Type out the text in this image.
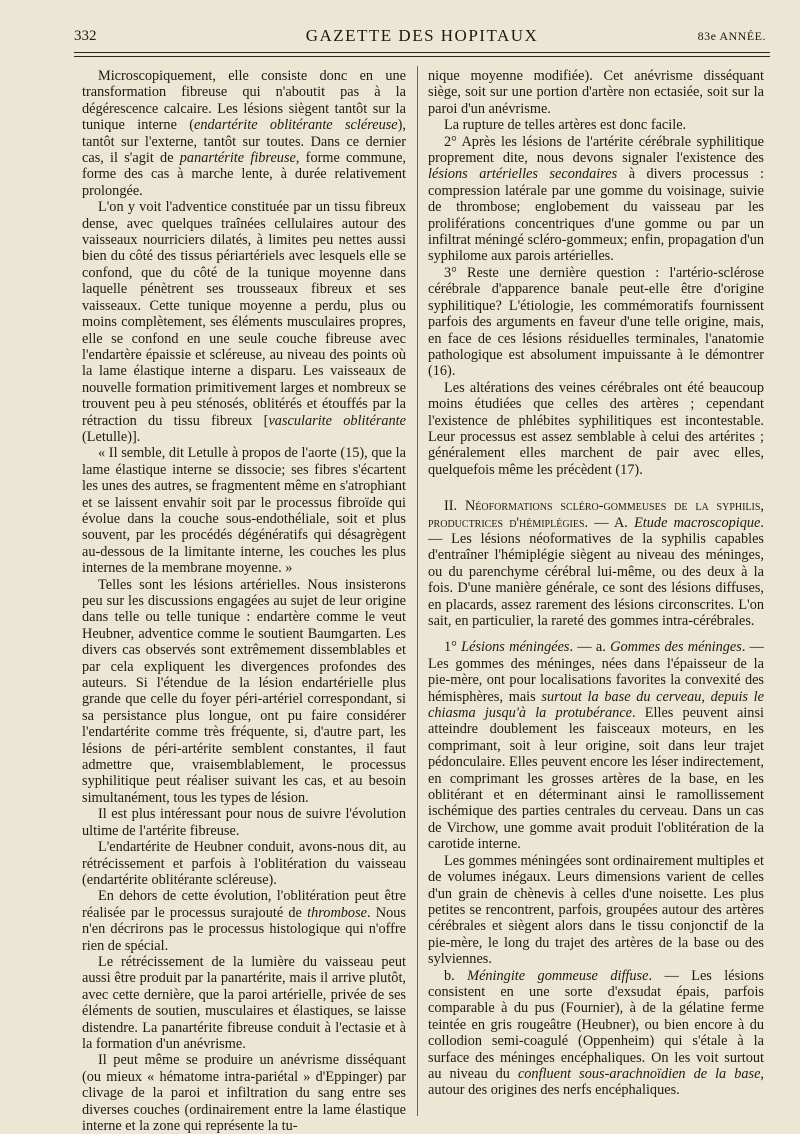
332	GAZETTE DES HOPITAUX	83e ANNÉE.

Microscopiquement, elle consiste donc en une transformation fibreuse qui n'aboutit pas à la dégérescence calcaire. Les lésions siègent tantôt sur la tunique interne (endartérite oblitérante scléreuse), tantôt sur l'externe, tantôt sur toutes. Dans ce dernier cas, il s'agit de panartérite fibreuse, forme commune, forme des cas à marche lente, à durée relativement prolongée.

L'on y voit l'adventice constituée par un tissu fibreux dense, avec quelques traînées cellulaires autour des vaisseaux nourriciers dilatés, à limites peu nettes aussi bien du côté des tissus périartériels avec lesquels elle se confond, que du côté de la tunique moyenne dans laquelle pénètrent ses trousseaux fibreux et ses vaisseaux. Cette tunique moyenne a perdu, plus ou moins complètement, ses éléments musculaires propres, elle se confond en une seule couche fibreuse avec l'endartère épaissie et scléreuse, au niveau des points où la lame élastique interne a disparu. Les vaisseaux de nouvelle formation primitivement larges et nombreux se trouvent peu à peu sténosés, oblitérés et étouffés par la rétraction du tissu fibreux [vascularite oblitérante (Letulle)].

« Il semble, dit Letulle à propos de l'aorte (15), que la lame élastique interne se dissocie; ses fibres s'écartent les unes des autres, se fragmentent même en s'atrophiant et se laissent envahir soit par le processus fibroïde qui évolue dans la couche sous-endothéliale, soit et plus souvent, par les procédés dégénératifs qui désagrègent au-dessous de la limitante interne, les couches les plus internes de la membrane moyenne. »

Telles sont les lésions artérielles. Nous insisterons peu sur les discussions engagées au sujet de leur origine dans telle ou telle tunique : endartère comme le veut Heubner, adventice comme le soutient Baumgarten. Les divers cas observés sont extrêmement dissemblables et par cela expliquent les divergences profondes des auteurs. Si l'étendue de la lésion endartérielle plus grande que celle du foyer péri-artériel correspondant, si sa persistance plus longue, ont pu faire considérer l'endartérite comme très fréquente, si, d'autre part, les lésions de péri-artérite semblent constantes, il faut admettre que, vraisemblablement, le processus syphilitique peut réaliser suivant les cas, et au besoin simultanément, tous les types de lésion.

Il est plus intéressant pour nous de suivre l'évolution ultime de l'artérite fibreuse.

L'endartérite de Heubner conduit, avons-nous dit, au rétrécissement et parfois à l'oblitération du vaisseau (endartérite oblitérante scléreuse).

En dehors de cette évolution, l'oblitération peut être réalisée par le processus surajouté de thrombose. Nous n'en décrirons pas le processus histologique qui n'offre rien de spécial.

Le rétrécissement de la lumière du vaisseau peut aussi être produit par la panartérite, mais il arrive plutôt, avec cette dernière, que la paroi artérielle, privée de ses éléments de soutien, musculaires et élastiques, se laisse distendre. La panartérite fibreuse conduit à l'ectasie et à la formation d'un anévrisme.

Il peut même se produire un anévrisme disséquant (ou mieux « hématome intra-pariétal » d'Eppinger) par clivage de la paroi et infiltration du sang entre ses diverses couches (ordinairement entre la lame élastique interne et la zone qui représente la tu-

nique moyenne modifiée). Cet anévrisme disséquant siège, soit sur une portion d'artère non ectasiée, soit sur la paroi d'un anévrisme.

La rupture de telles artères est donc facile.

2° Après les lésions de l'artérite cérébrale syphilitique proprement dite, nous devons signaler l'existence des lésions artérielles secondaires à divers processus : compression latérale par une gomme du voisinage, suivie de thrombose; englobement du vaisseau par les proliférations concentriques d'une gomme ou par un infiltrat méningé scléro-gommeux; enfin, propagation d'un syphilome aux parois artérielles.

3° Reste une dernière question : l'artério-sclérose cérébrale d'apparence banale peut-elle être d'origine syphilitique? L'étiologie, les commémoratifs fournissent parfois des arguments en faveur d'une telle origine, mais, en face de ces lésions résiduelles terminales, l'anatomie pathologique est absolument impuissante à le démontrer (16).

Les altérations des veines cérébrales ont été beaucoup moins étudiées que celles des artères ; cependant l'existence de phlébites syphilitiques est incontestable. Leur processus est assez semblable à celui des artérites ; généralement elles marchent de pair avec elles, quelquefois même les précèdent (17).

II. Néoformations scléro-gommeuses de la syphilis, productrices d'hémiplégies. — A. Etude macroscopique. — Les lésions néoformatives de la syphilis capables d'entraîner l'hémiplégie siègent au niveau des méninges, ou du parenchyme cérébral lui-même, ou des deux à la fois. D'une manière générale, ce sont des lésions diffuses, en placards, assez rarement des lésions circonscrites. L'on sait, en particulier, la rareté des gommes intra-cérébrales.

1° Lésions méningées. — a. Gommes des méninges. — Les gommes des méninges, nées dans l'épaisseur de la pie-mère, ont pour localisations favorites la convexité des hémisphères, mais surtout la base du cerveau, depuis le chiasma jusqu'à la protubérance. Elles peuvent ainsi atteindre doublement les faisceaux moteurs, en les comprimant, soit à leur origine, soit dans leur trajet pédonculaire. Elles peuvent encore les léser indirectement, en comprimant les grosses artères de la base, en les oblitérant et en déterminant ainsi le ramollissement ischémique des parties centrales du cerveau. Dans un cas de Virchow, une gomme avait produit l'oblitération de la carotide interne.

Les gommes méningées sont ordinairement multiples et de volumes inégaux. Leurs dimensions varient de celles d'un grain de chènevis à celles d'une noisette. Les plus petites se rencontrent, parfois, groupées autour des artères cérébrales et siègent alors dans le tissu conjonctif de la pie-mère, le long du trajet des artères de la base ou des sylviennes.

b. Méningite gommeuse diffuse. — Les lésions consistent en une sorte d'exsudat épais, parfois comparable à du pus (Fournier), à de la gélatine ferme teintée en gris rougeâtre (Heubner), ou bien encore à du collodion semi-coagulé (Oppenheim) qui s'étale à la surface des méninges encéphaliques. On les voit surtout au niveau du confluent sous-arachnoïdien de la base, autour des origines des nerfs encéphaliques.
